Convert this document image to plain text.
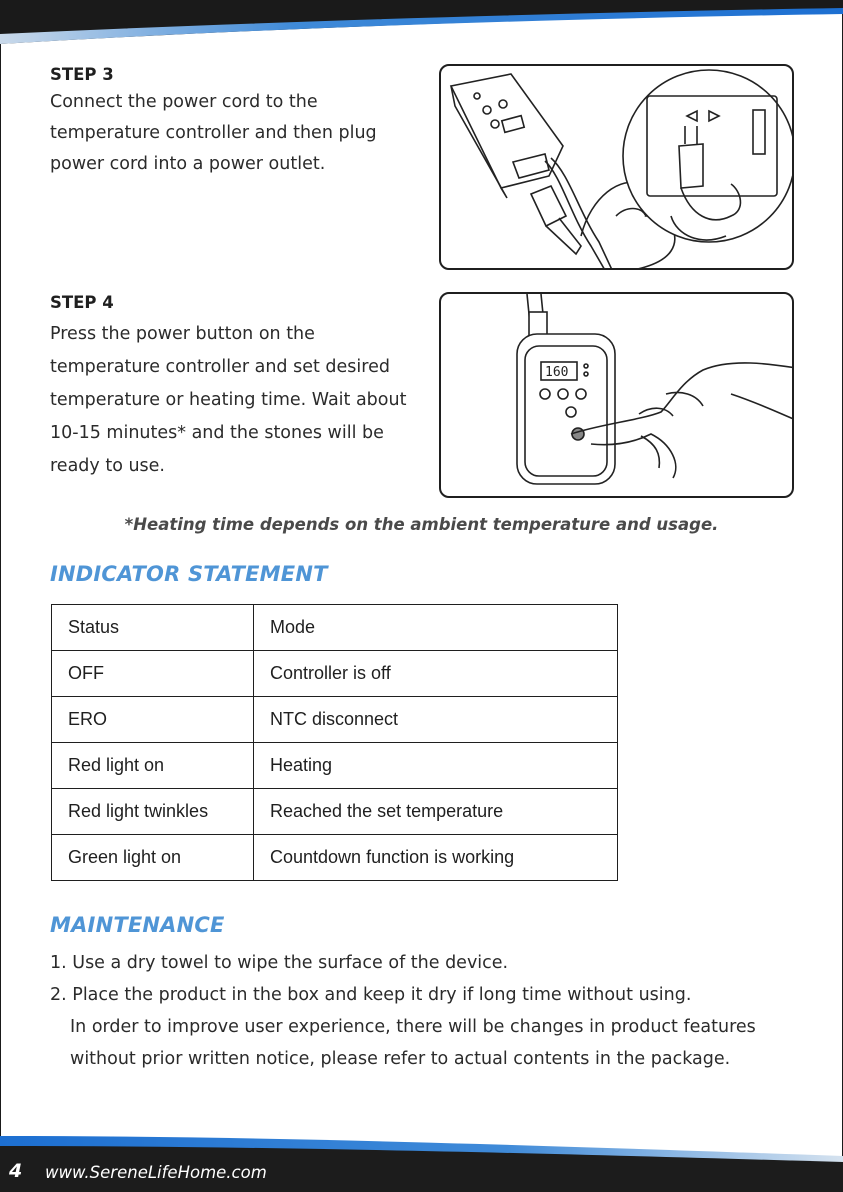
STEP 3
Connect the power cord to the
temperature controller and then plug
power cord into a power outlet.
STEP 4
Press the power button on the
temperature controller and set desired
temperature or heating time. Wait about
10-15 minutes* and the stones will be
ready to use.
160
*Heating time depends on the ambient temperature and usage.
INDICATOR STATEMENT
Status	Mode
OFF	Controller is off
ERO	NTC disconnect
Red light on	Heating
Red light twinkles	Reached the set temperature
Green light on	Countdown function is working
MAINTENANCE
1. Use a dry towel to wipe the surface of the device.
2. Place the product in the box and keep it dry if long time without using.
In order to improve user experience, there will be changes in product features
without prior written notice, please refer to actual contents in the package.
4 www.SereneLifeHome.com
